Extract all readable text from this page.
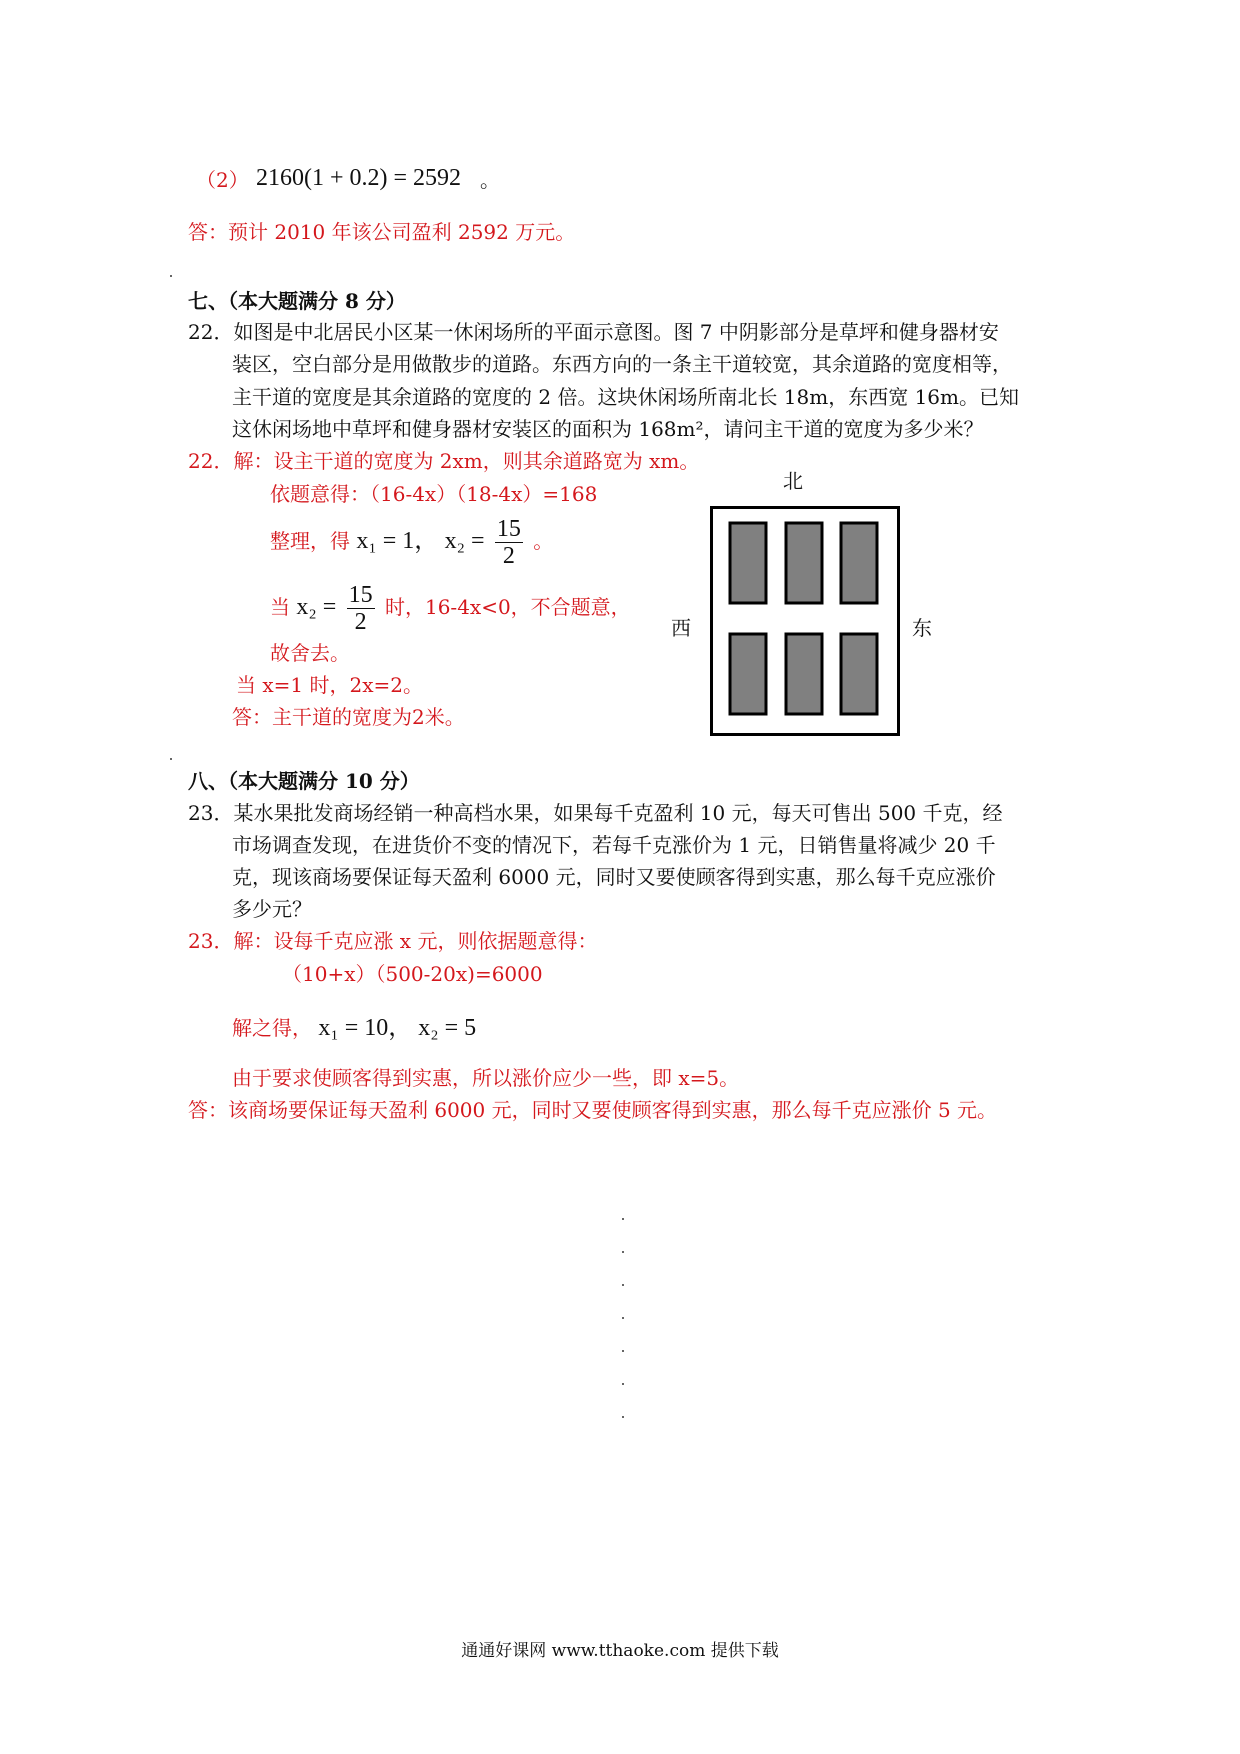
（2） 2160(1 + 0.2) = 2592 。
答：预计 2010 年该公司盈利 2592 万元。
七、（本大题满分 8 分）
22．如图是中北居民小区某一休闲场所的平面示意图。图 7 中阴影部分是草坪和健身器材安
装区，空白部分是用做散步的道路。东西方向的一条主干道较宽，其余道路的宽度相等，
主干道的宽度是其余道路的宽度的 2 倍。这块休闲场所南北长 18m，东西宽 16m。已知
这休闲场地中草坪和健身器材安装区的面积为 168m²，请问主干道的宽度为多少米？
22．解：设主干道的宽度为 2xm，则其余道路宽为 xm。
依题意得：（16-4x）（18-4x）=168
整理，得 x₁ = 1， $x_2 = \frac{15}{2}$ 。
当 $x_2 = \frac{15}{2}$ 时，16-4x<0，不合题意，
故舍去。
当 x=1 时，2x=2。
答：主干道的宽度为2米。
北
西	东
八、（本大题满分 10 分）
23．某水果批发商场经销一种高档水果，如果每千克盈利 10 元，每天可售出 500 千克，经
市场调查发现，在进货价不变的情况下，若每千克涨价为 1 元，日销售量将减少 20 千
克，现该商场要保证每天盈利 6000 元，同时又要使顾客得到实惠，那么每千克应涨价
多少元？
23．解：设每千克应涨 x 元，则依据题意得：
（10+x）（500-20x)=6000
解之得， x₁ = 10， x₂ = 5
由于要求使顾客得到实惠，所以涨价应少一些，即 x=5。
答：该商场要保证每天盈利 6000 元，同时又要使顾客得到实惠，那么每千克应涨价 5 元。
通通好课网 www.tthaoke.com 提供下载
